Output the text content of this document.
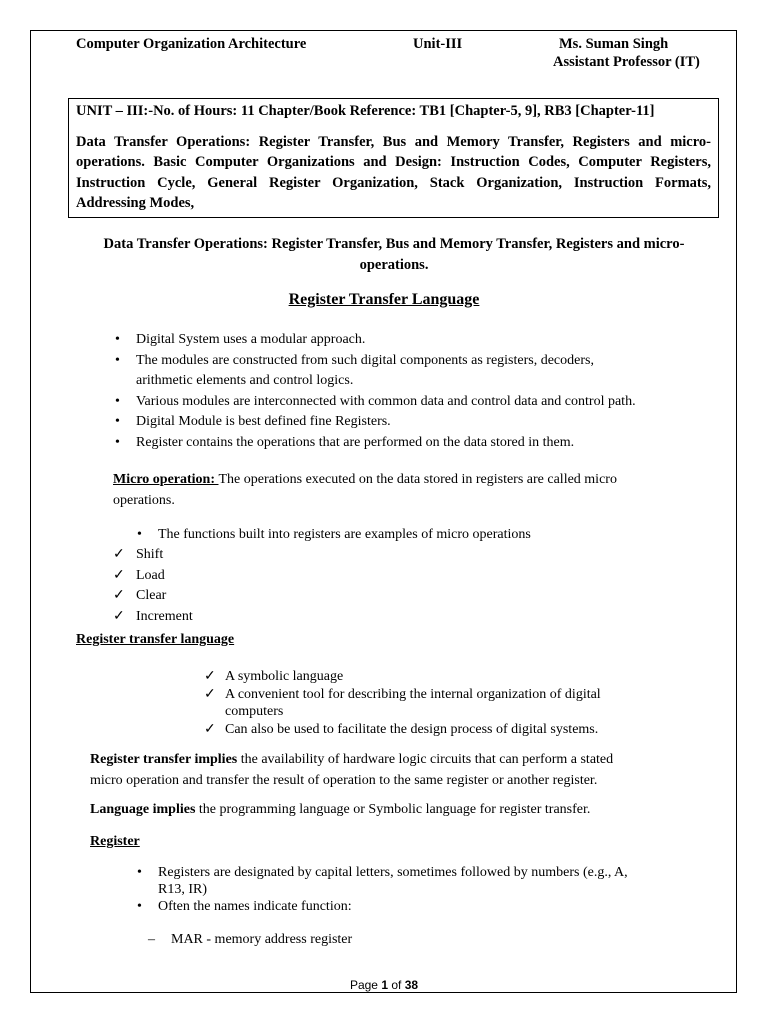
Computer Organization Architecture	Unit-III	Ms. Suman Singh
Assistant Professor (IT)

UNIT – III:-No. of Hours: 11 Chapter/Book Reference: TB1 [Chapter-5, 9], RB3 [Chapter-11]

Data Transfer Operations: Register Transfer, Bus and Memory Transfer, Registers and micro-operations. Basic Computer Organizations and Design: Instruction Codes, Computer Registers, Instruction Cycle, General Register Organization, Stack Organization, Instruction Formats, Addressing Modes,

Data Transfer Operations: Register Transfer, Bus and Memory Transfer, Registers and micro-
operations.
Register Transfer Language
• Digital System uses a modular approach.
• The modules are constructed from such digital components as registers, decoders,
arithmetic elements and control logics.
• Various modules are interconnected with common data and control data and control path.
• Digital Module is best defined fine Registers.
• Register contains the operations that are performed on the data stored in them.
Micro operation: The operations executed on the data stored in registers are called micro
operations.
• The functions built into registers are examples of micro operations
✓ Shift
✓ Load
✓ Clear
✓ Increment
Register transfer language
✓ A symbolic language
✓ A convenient tool for describing the internal organization of digital
computers
✓ Can also be used to facilitate the design process of digital systems.
Register transfer implies the availability of hardware logic circuits that can perform a stated
micro operation and transfer the result of operation to the same register or another register.
Language implies the programming language or Symbolic language for register transfer.
Register
• Registers are designated by capital letters, sometimes followed by numbers (e.g., A,
R13, IR)
• Often the names indicate function:
– MAR - memory address register
Page 1 of 38
